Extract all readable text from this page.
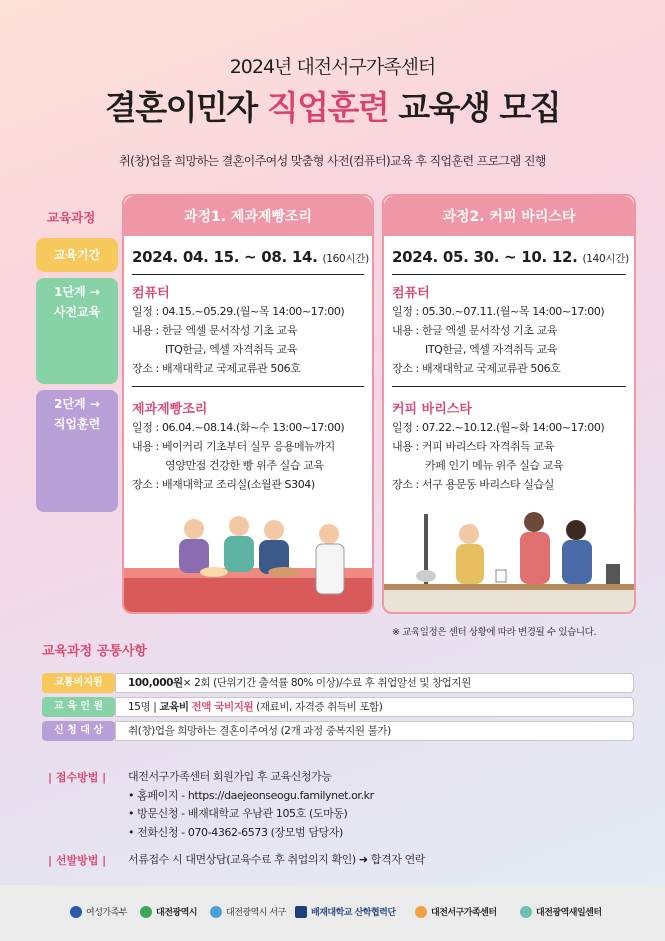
2024년 대전서구가족센터
결혼이민자 직업훈련 교육생 모집
취(창)업을 희망하는 결혼이주여성 맞춤형 사전(컴퓨터)교육 후 직업훈련 프로그램 진행
교육과정
교육기간
1단계 →
사전교육
2단계 →
직업훈련
과정1. 제과제빵조리
2024. 04. 15. ~ 08. 14. (160시간)
컴퓨터
일정 : 04.15.~05.29.(월~목 14:00~17:00)
내용 : 한글 엑셀 문서작성 기초 교육
ITQ한글, 엑셀 자격취득 교육
장소 : 배재대학교 국제교류관 506호
제과제빵조리
일정 : 06.04.~08.14.(화~수 13:00~17:00)
내용 : 베이커리 기초부터 실무 응용메뉴까지
영양만점 건강한 빵 위주 실습 교육
장소 : 배재대학교 조리실(소월관 S304)
과정2. 커피 바리스타
2024. 05. 30. ~ 10. 12. (140시간)
컴퓨터
일정 : 05.30.~07.11.(월~목 14:00~17:00)
내용 : 한글 엑셀 문서작성 기초 교육
ITQ한글, 엑셀 자격취득 교육
장소 : 배재대학교 국제교류관 506호
커피 바리스타
일정 : 07.22.~10.12.(월~화 14:00~17:00)
내용 : 커피 바리스타 자격취득 교육
카페 인기 메뉴 위주 실습 교육
장소 : 서구 용문동 바리스타 실습실
※ 교육일정은 센터 상황에 따라 변경될 수 있습니다.
교육과정 공통사항
교통비지원	100,000원× 2회 (단위기간 출석률 80% 이상)/수료 후 취업알선 및 창업지원
교 육 인 원	15명 | 교육비 전액 국비지원 (재료비, 자격증 취득비 포함)
신 청 대 상	취(창)업을 희망하는 결혼이주여성 (2개 과정 중복지원 불가)
| 접수방법 | 대전서구가족센터 회원가입 후 교육신청가능
• 홈페이지 - https://daejeonseogu.familynet.or.kr
• 방문신청 - 배재대학교 우남관 105호 (도마동)
• 전화신청 - 070-4362-6573 (장모범 담당자)
| 선발방법 | 서류접수 시 대면상담(교육수료 후 취업의지 확인) ➜ 합격자 연락
여성가족부	대전광역시	대전광역시 서구	배재대학교 산학협력단	대전서구가족센터	대전광역새일센터
